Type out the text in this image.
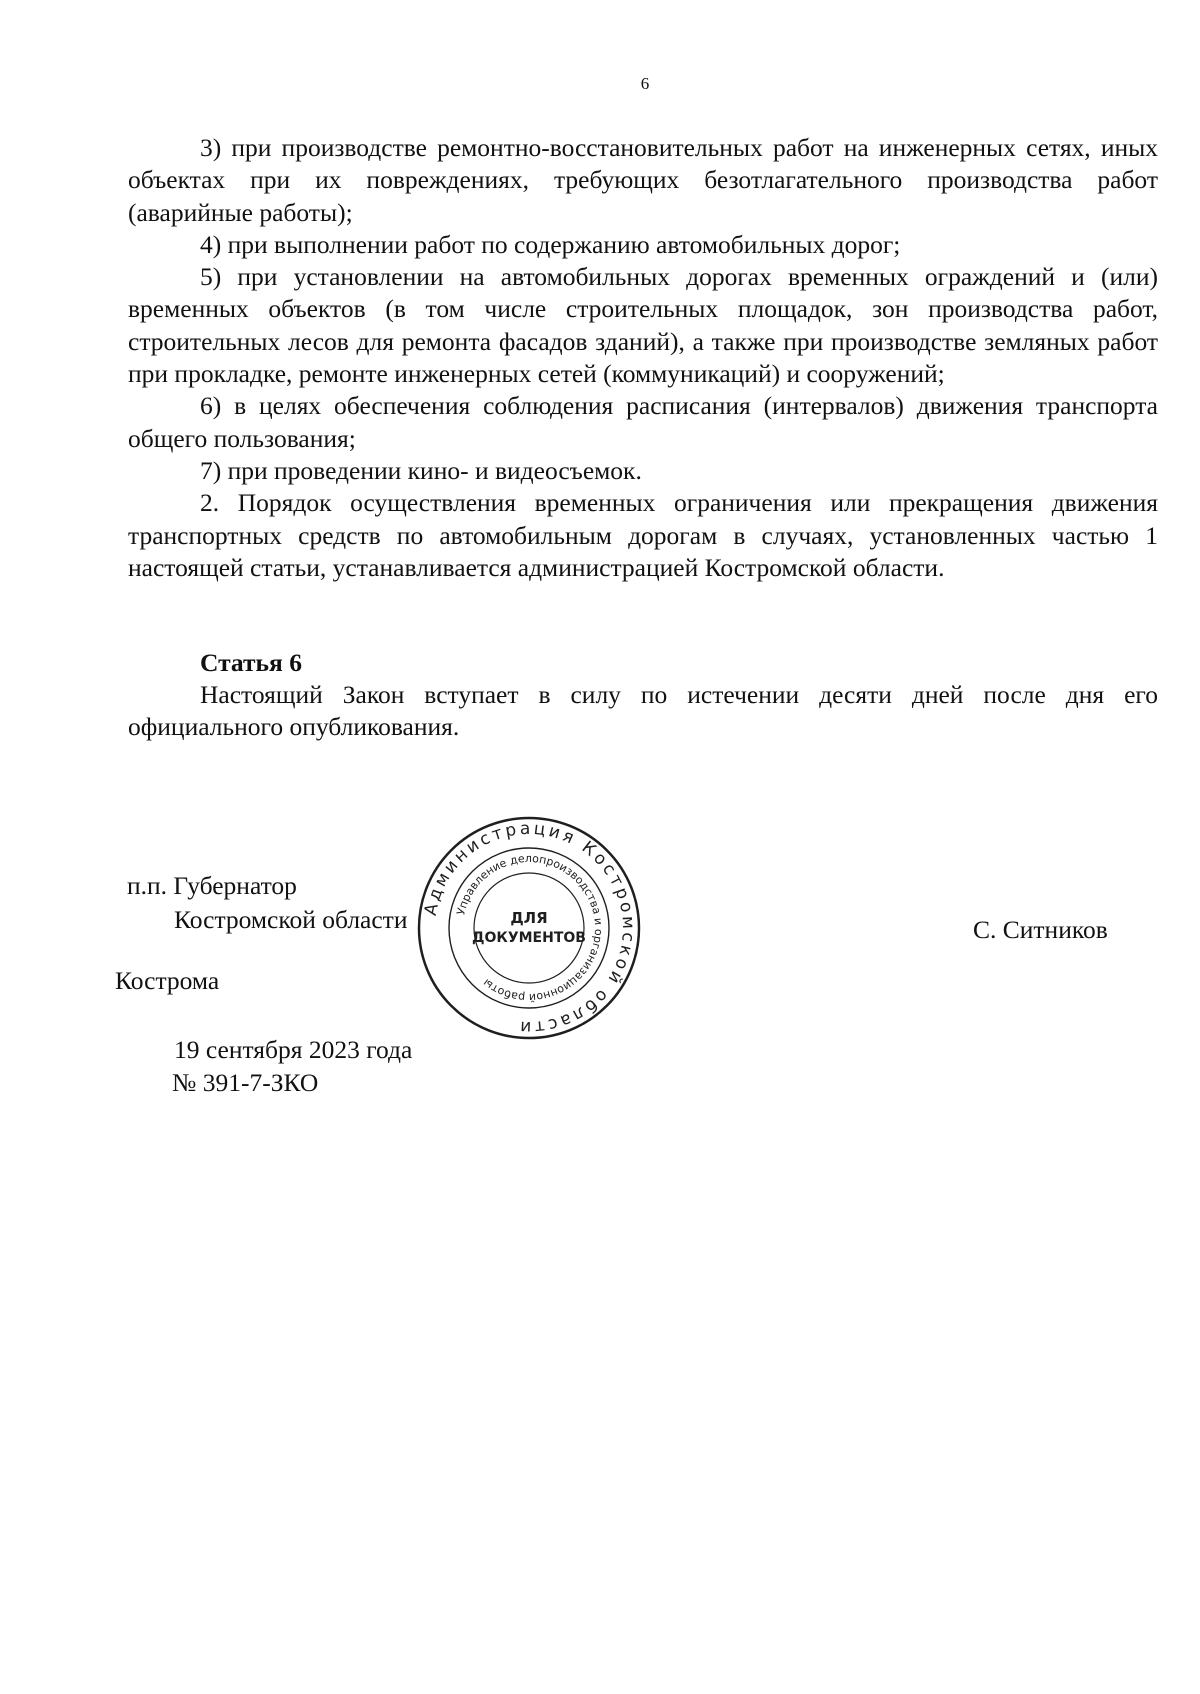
6

3) при производстве ремонтно-восстановительных работ на инженерных сетях, иных объектах при их повреждениях, требующих безотлагательного производства работ (аварийные работы);

4) при выполнении работ по содержанию автомобильных дорог;

5) при установлении на автомобильных дорогах временных ограждений и (или) временных объектов (в том числе строительных площадок, зон производства работ, строительных лесов для ремонта фасадов зданий), а также при производстве земляных работ при прокладке, ремонте инженерных сетей (коммуникаций) и сооружений;

6) в целях обеспечения соблюдения расписания (интервалов) движения транспорта общего пользования;

7) при проведении кино- и видеосъемок.

2. Порядок осуществления временных ограничения или прекращения движения транспортных средств по автомобильным дорогам в случаях, установленных частью 1 настоящей статьи, устанавливается администрацией Костромской области.

Статья 6

Настоящий Закон вступает в силу по истечении десяти дней после дня его официального опубликования.

п.п. Губернатор

Костромской области	С. Ситников

Кострома

19 сентября 2023 года

№ 391-7-ЗКО

Администрация Костромской области
Управление делопроизводства и организационной работы
ДЛЯ
ДОКУМЕНТОВ
